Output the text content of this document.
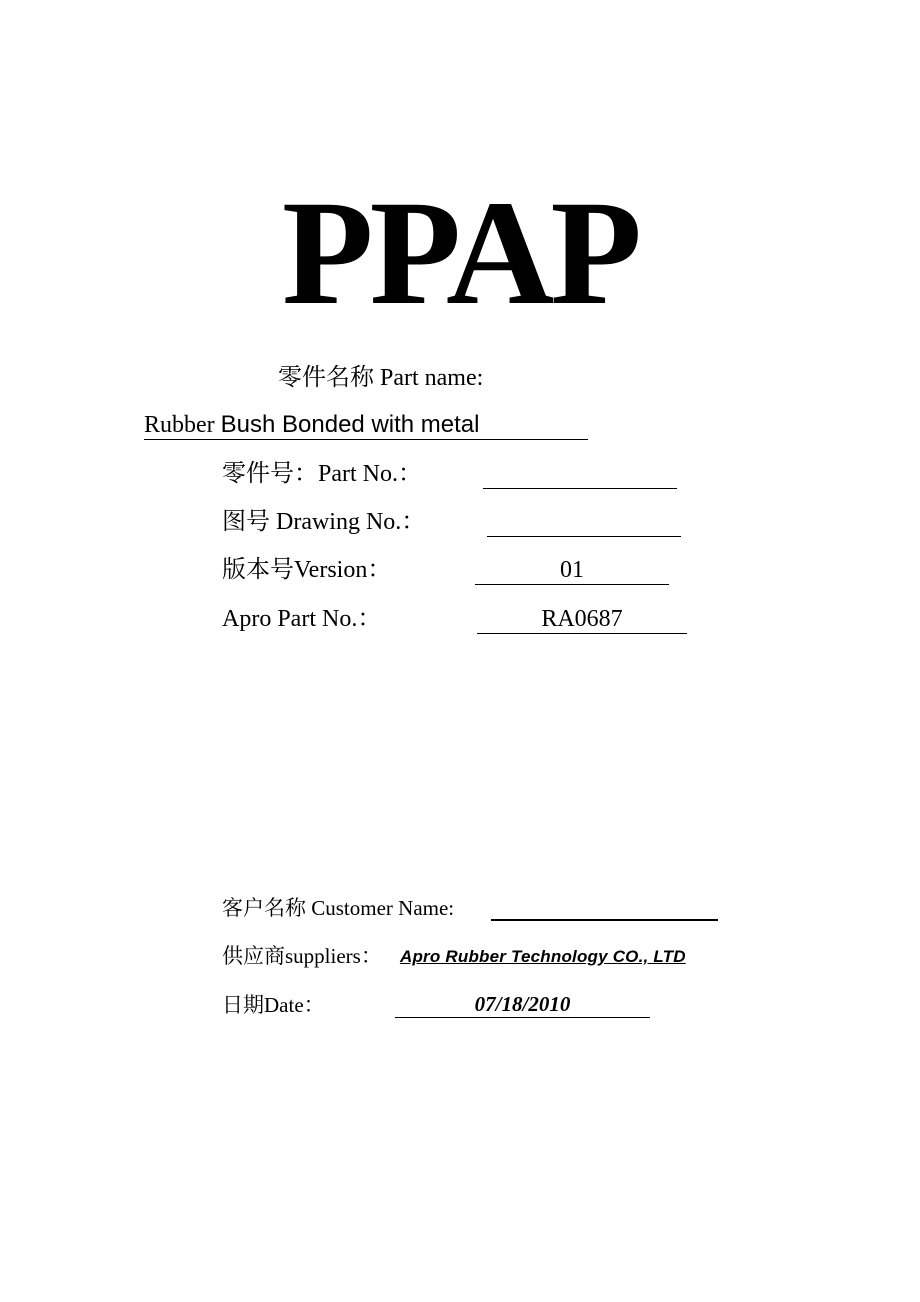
PPAP
零件名称 Part name:
Rubber Bush Bonded with metal
零件号：Part No.：
图号 Drawing No.：
版本号Version：	01
Apro Part No.：	RA0687
客户名称 Customer Name:
供应商suppliers： Apro Rubber Technology CO., LTD
日期Date：	07/18/2010
